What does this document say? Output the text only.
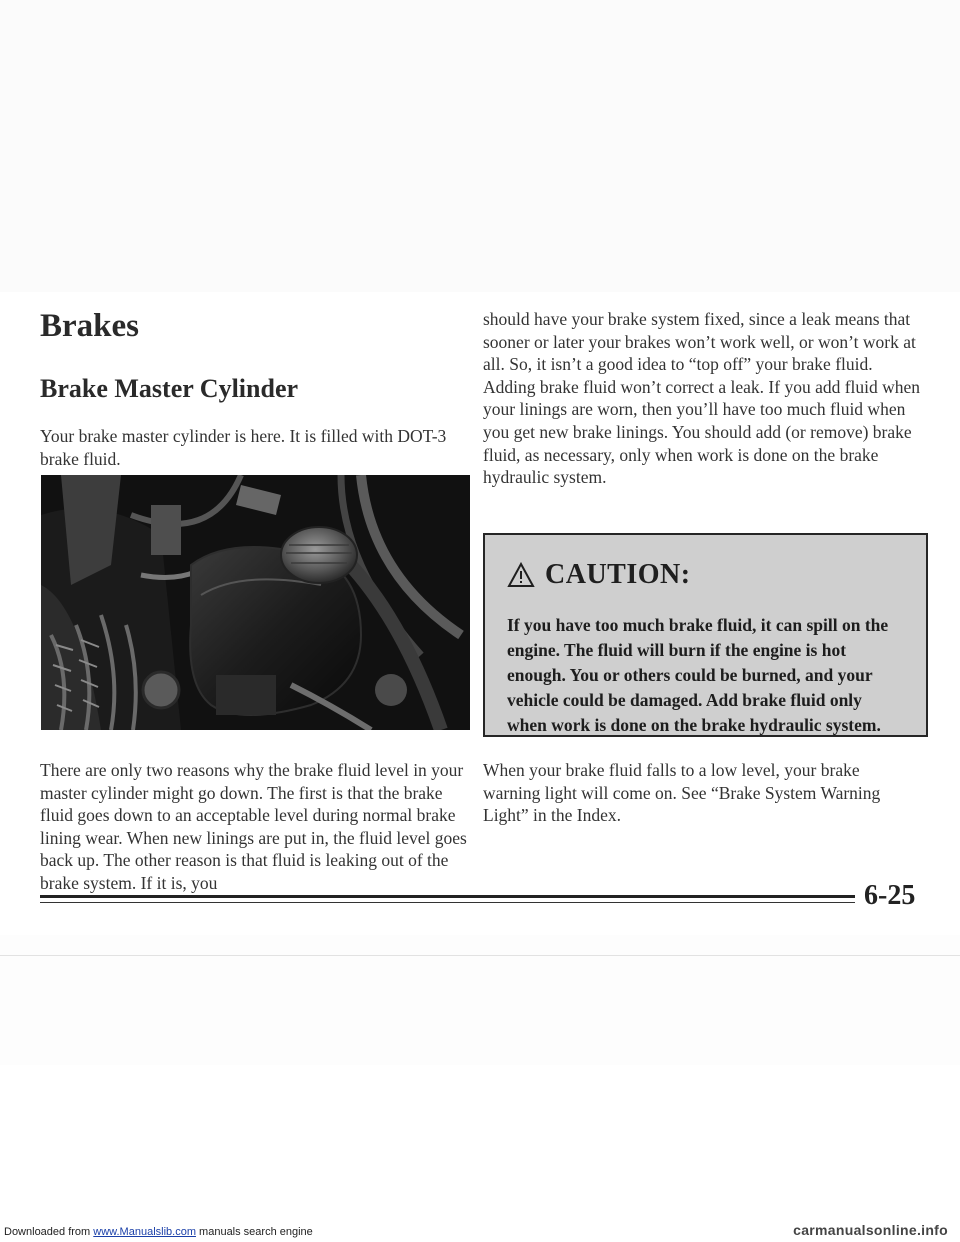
Brakes
Brake Master Cylinder

Your brake master cylinder is here. It is filled with DOT-3 brake fluid.

There are only two reasons why the brake fluid level in your master cylinder might go down. The first is that the brake fluid goes down to an acceptable level during normal brake lining wear. When new linings are put in, the fluid level goes back up. The other reason is that fluid is leaking out of the brake system. If it is, you

should have your brake system fixed, since a leak means that sooner or later your brakes won’t work well, or won’t work at all. So, it isn’t a good idea to “top off” your brake fluid. Adding brake fluid won’t correct a leak. If you add fluid when your linings are worn, then you’ll have too much fluid when you get new brake linings. You should add (or remove) brake fluid, as necessary, only when work is done on the brake hydraulic system.

CAUTION:

If you have too much brake fluid, it can spill on the engine. The fluid will burn if the engine is hot enough. You or others could be burned, and your vehicle could be damaged. Add brake fluid only when work is done on the brake hydraulic system.

When your brake fluid falls to a low level, your brake warning light will come on. See “Brake System Warning Light” in the Index.

6-25
Downloaded from www.Manualslib.com manuals search engine	carmanualsonline.info
